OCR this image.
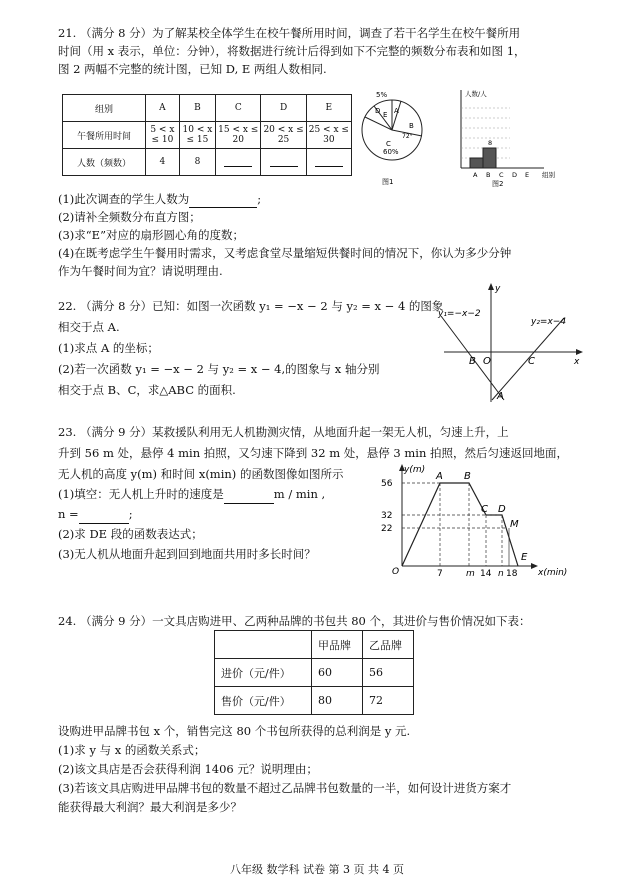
21. （满分 8 分）为了解某校全体学生在校午餐所用时间，调查了若干名学生在校午餐所用
时间（用 x 表示，单位：分钟），将数据进行统计后得到如下不完整的频数分布表和如图 1，
图 2 两幅不完整的统计图，已知 D, E 两组人数相同.
组别	A	B	C	D	E
午餐所用时间	5 < x ≤ 10	10 < x ≤ 15	15 < x ≤ 20	20 < x ≤ 25	25 < x ≤ 30
人数（频数）	4	8			
5%
A
B
72°
D E
C
60%
图1
人数/人
8
A B C D E 组别
图2
(1)此次调查的学生人数为	;
(2)请补全频数分布直方图；
(3)求“E”对应的扇形圆心角的度数；
(4)在既考虑学生午餐用时需求，又考虑食堂尽量缩短供餐时间的情况下，你认为多少分钟
作为午餐时间为宜？请说明理由.
22. （满分 8 分）已知：如图一次函数 y₁ = −x − 2 与 y₂ = x − 4 的图象
相交于点 A.
(1)求点 A 的坐标；
(2)若一次函数 y₁ = −x − 2 与 y₂ = x − 4,的图象与 x 轴分别
相交于点 B、C，求△ABC 的面积.
y
x
O
B	C
A
y₁=−x−2
y₂=x−4
23. （满分 9 分）某救援队利用无人机勘测灾情，从地面升起一架无人机，匀速上升，上
升到 56 m 处，悬停 4 min 拍照，又匀速下降到 32 m 处，悬停 3 min 拍照，然后匀速返回地面，
无人机的高度 y(m) 和时间 x(min) 的函数图像如图所示
(1)填空：无人机上升时的速度是	m / min ,
n =	;
(2)求 DE 段的函数表达式；
(3)无人机从地面升起到回到地面共用时多长时间？
y(m)
x(min)
56
32
22
7	m 14 n 18
O
A B
C D
M
E
24. （满分 9 分）一文具店购进甲、乙两种品牌的书包共 80 个，其进价与售价情况如下表：
	甲品牌	乙品牌
进价（元/件）	60	56
售价（元/件）	80	72
设购进甲品牌书包 x 个，销售完这 80 个书包所获得的总利润是 y 元.
(1)求 y 与 x 的函数关系式；
(2)该文具店是否会获得利润 1406 元？说明理由；
(3)若该文具店购进甲品牌书包的数量不超过乙品牌书包数量的一半，如何设计进货方案才
能获得最大利润？最大利润是多少？
八年级 数学科 试卷 第 3 页 共 4 页
